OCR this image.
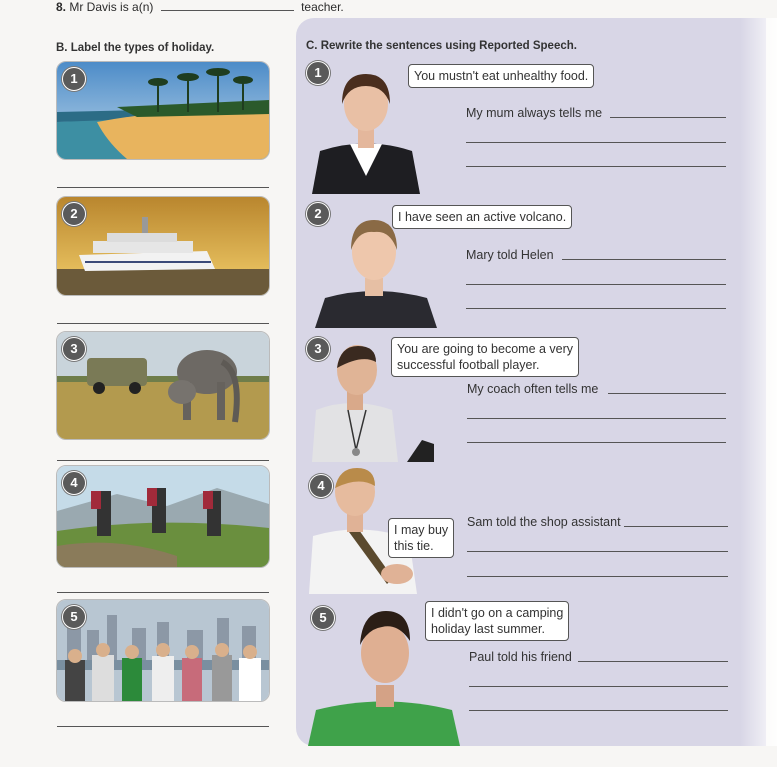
8. Mr Davis is a(n)	teacher.
B. Label the types of holiday.
1
2
3
4
5
C. Rewrite the sentences using Reported Speech.
1	You mustn't eat unhealthy food.
My mum always tells me
2	I have seen an active volcano.
Mary told Helen
3	You are going to become a very
successful football player.
My coach often tells me
4
I may buy
this tie.
Sam told the shop assistant
5	I didn't go on a camping
holiday last summer.
Paul told his friend
